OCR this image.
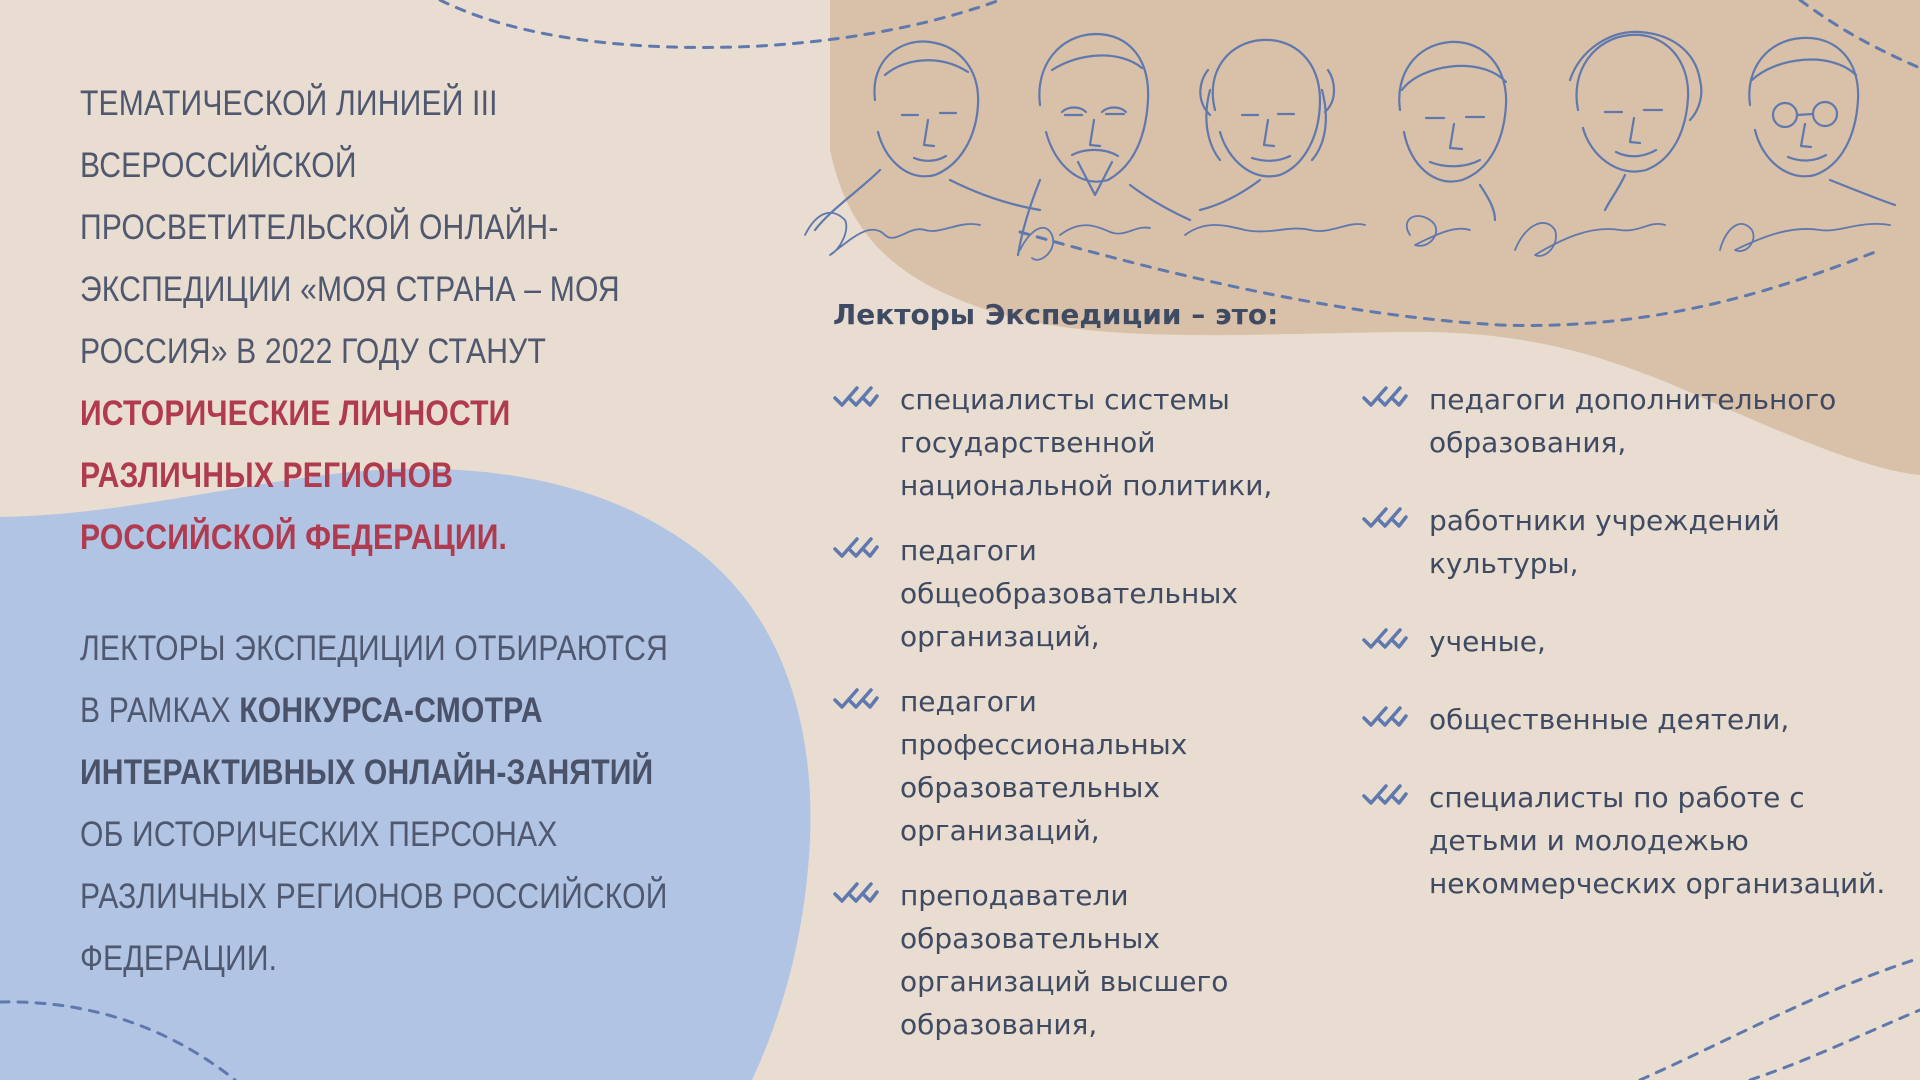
ТЕМАТИЧЕСКОЙ ЛИНИЕЙ III ВСЕРОССИЙСКОЙ ПРОСВЕТИТЕЛЬСКОЙ ОНЛАЙН-ЭКСПЕДИЦИИ «МОЯ СТРАНА – МОЯ РОССИЯ» В 2022 ГОДУ СТАНУТ ИСТОРИЧЕСКИЕ ЛИЧНОСТИ
РАЗЛИЧНЫХ РЕГИОНОВ
РОССИЙСКОЙ ФЕДЕРАЦИИ.
ЛЕКТОРЫ ЭКСПЕДИЦИИ ОТБИРАЮТСЯ
В РАМКАХ КОНКУРСА-СМОТРА
ИНТЕРАКТИВНЫХ ОНЛАЙН-ЗАНЯТИЙ
ОБ ИСТОРИЧЕСКИХ ПЕРСОНАХ РАЗЛИЧНЫХ РЕГИОНОВ РОССИЙСКОЙ ФЕДЕРАЦИИ.
Лекторы Экспедиции – это:
специалисты системы государственной национальной политики,
педагоги общеобразовательных организаций,
педагоги профессиональных образовательных организаций,
преподаватели образовательных организаций высшего образования,
педагоги дополнительного образования,
работники учреждений культуры,
ученые,
общественные деятели,
специалисты по работе с детьми и молодежью некоммерческих организаций.
